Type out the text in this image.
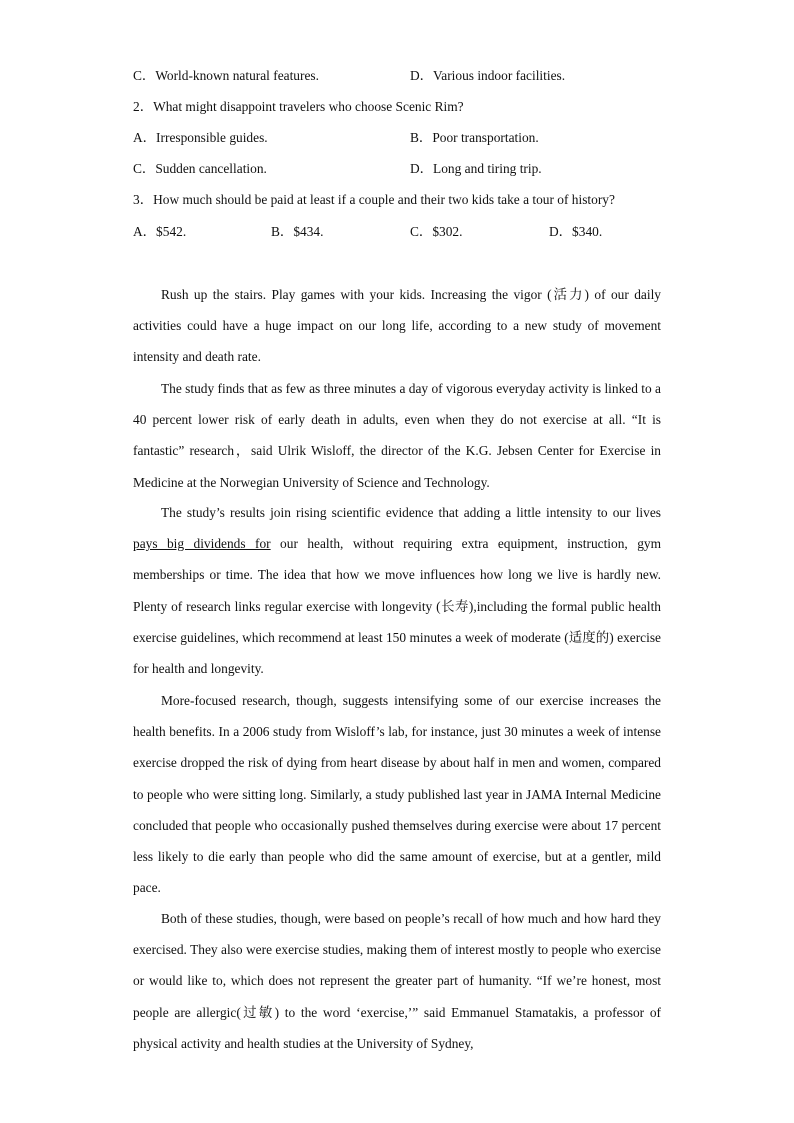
C．World-known natural features.	D．Various indoor facilities.
2．What might disappoint travelers who choose Scenic Rim?
A．Irresponsible guides.	B．Poor transportation.
C．Sudden cancellation.	D．Long and tiring trip.
3．How much should be paid at least if a couple and their two kids take a tour of history?
A．$542.	B．$434.	C．$302.	D．$340.

Rush up the stairs. Play games with your kids. Increasing the vigor (活力) of our daily activities could have a huge impact on our long life, according to a new study of movement intensity and death rate.

The study finds that as few as three minutes a day of vigorous everyday activity is linked to a 40 percent lower risk of early death in adults, even when they do not exercise at all. “It is fantastic” research，said Ulrik Wisloff, the director of the K.G. Jebsen Center for Exercise in Medicine at the Norwegian University of Science and Technology.

The study’s results join rising scientific evidence that adding a little intensity to our lives pays big dividends for our health, without requiring extra equipment, instruction, gym memberships or time. The idea that how we move influences how long we live is hardly new. Plenty of research links regular exercise with longevity (长寿),including the formal public health exercise guidelines, which recommend at least 150 minutes a week of moderate (适度的) exercise for health and longevity.

More-focused research, though, suggests intensifying some of our exercise increases the health benefits. In a 2006 study from Wisloff’s lab, for instance, just 30 minutes a week of intense exercise dropped the risk of dying from heart disease by about half in men and women, compared to people who were sitting long. Similarly, a study published last year in JAMA Internal Medicine concluded that people who occasionally pushed themselves during exercise were about 17 percent less likely to die early than people who did the same amount of exercise, but at a gentler, mild pace.

Both of these studies, though, were based on people’s recall of how much and how hard they exercised. They also were exercise studies, making them of interest mostly to people who exercise or would like to, which does not represent the greater part of humanity. “If we’re honest, most people are allergic(过敏) to the word ‘exercise,’” said Emmanuel Stamatakis, a professor of physical activity and health studies at the University of Sydney,
